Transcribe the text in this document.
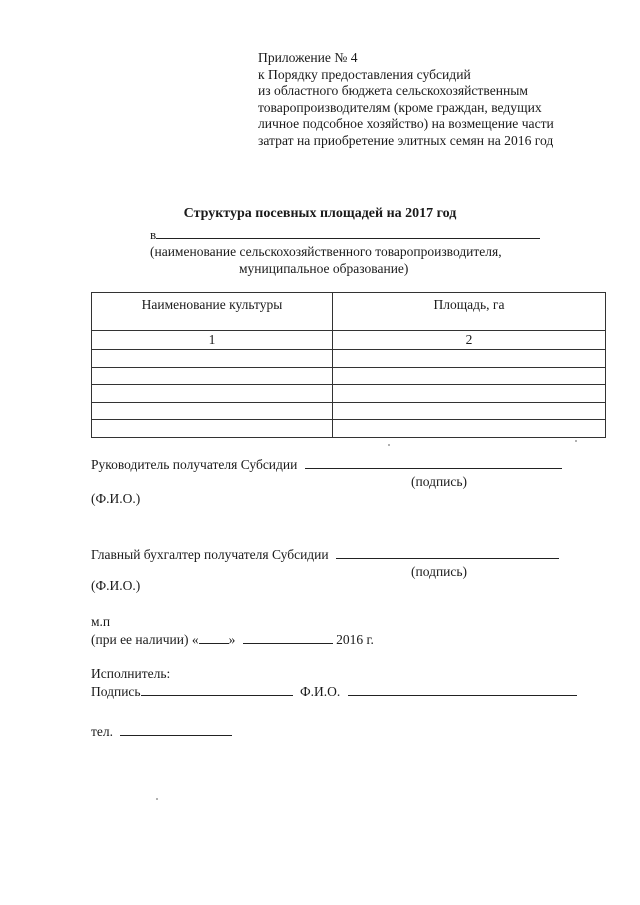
Приложение № 4
к Порядку предоставления субсидий
из областного бюджета сельскохозяйственным
товаропроизводителям (кроме граждан, ведущих
личное подсобное хозяйство) на возмещение части
затрат на приобретение элитных семян на 2016 год
Структура посевных площадей на 2017 год
в
(наименование сельскохозяйственного товаропроизводителя,
муниципальное образование)
Наименование культуры	Площадь, га
1	2

Руководитель получателя Субсидии
(подпись)
(Ф.И.О.)
Главный бухгалтер получателя Субсидии
(подпись)
(Ф.И.О.)
м.п
(при ее наличии) « »	2016 г.
Исполнитель:
Подпись	Ф.И.О.
тел.
